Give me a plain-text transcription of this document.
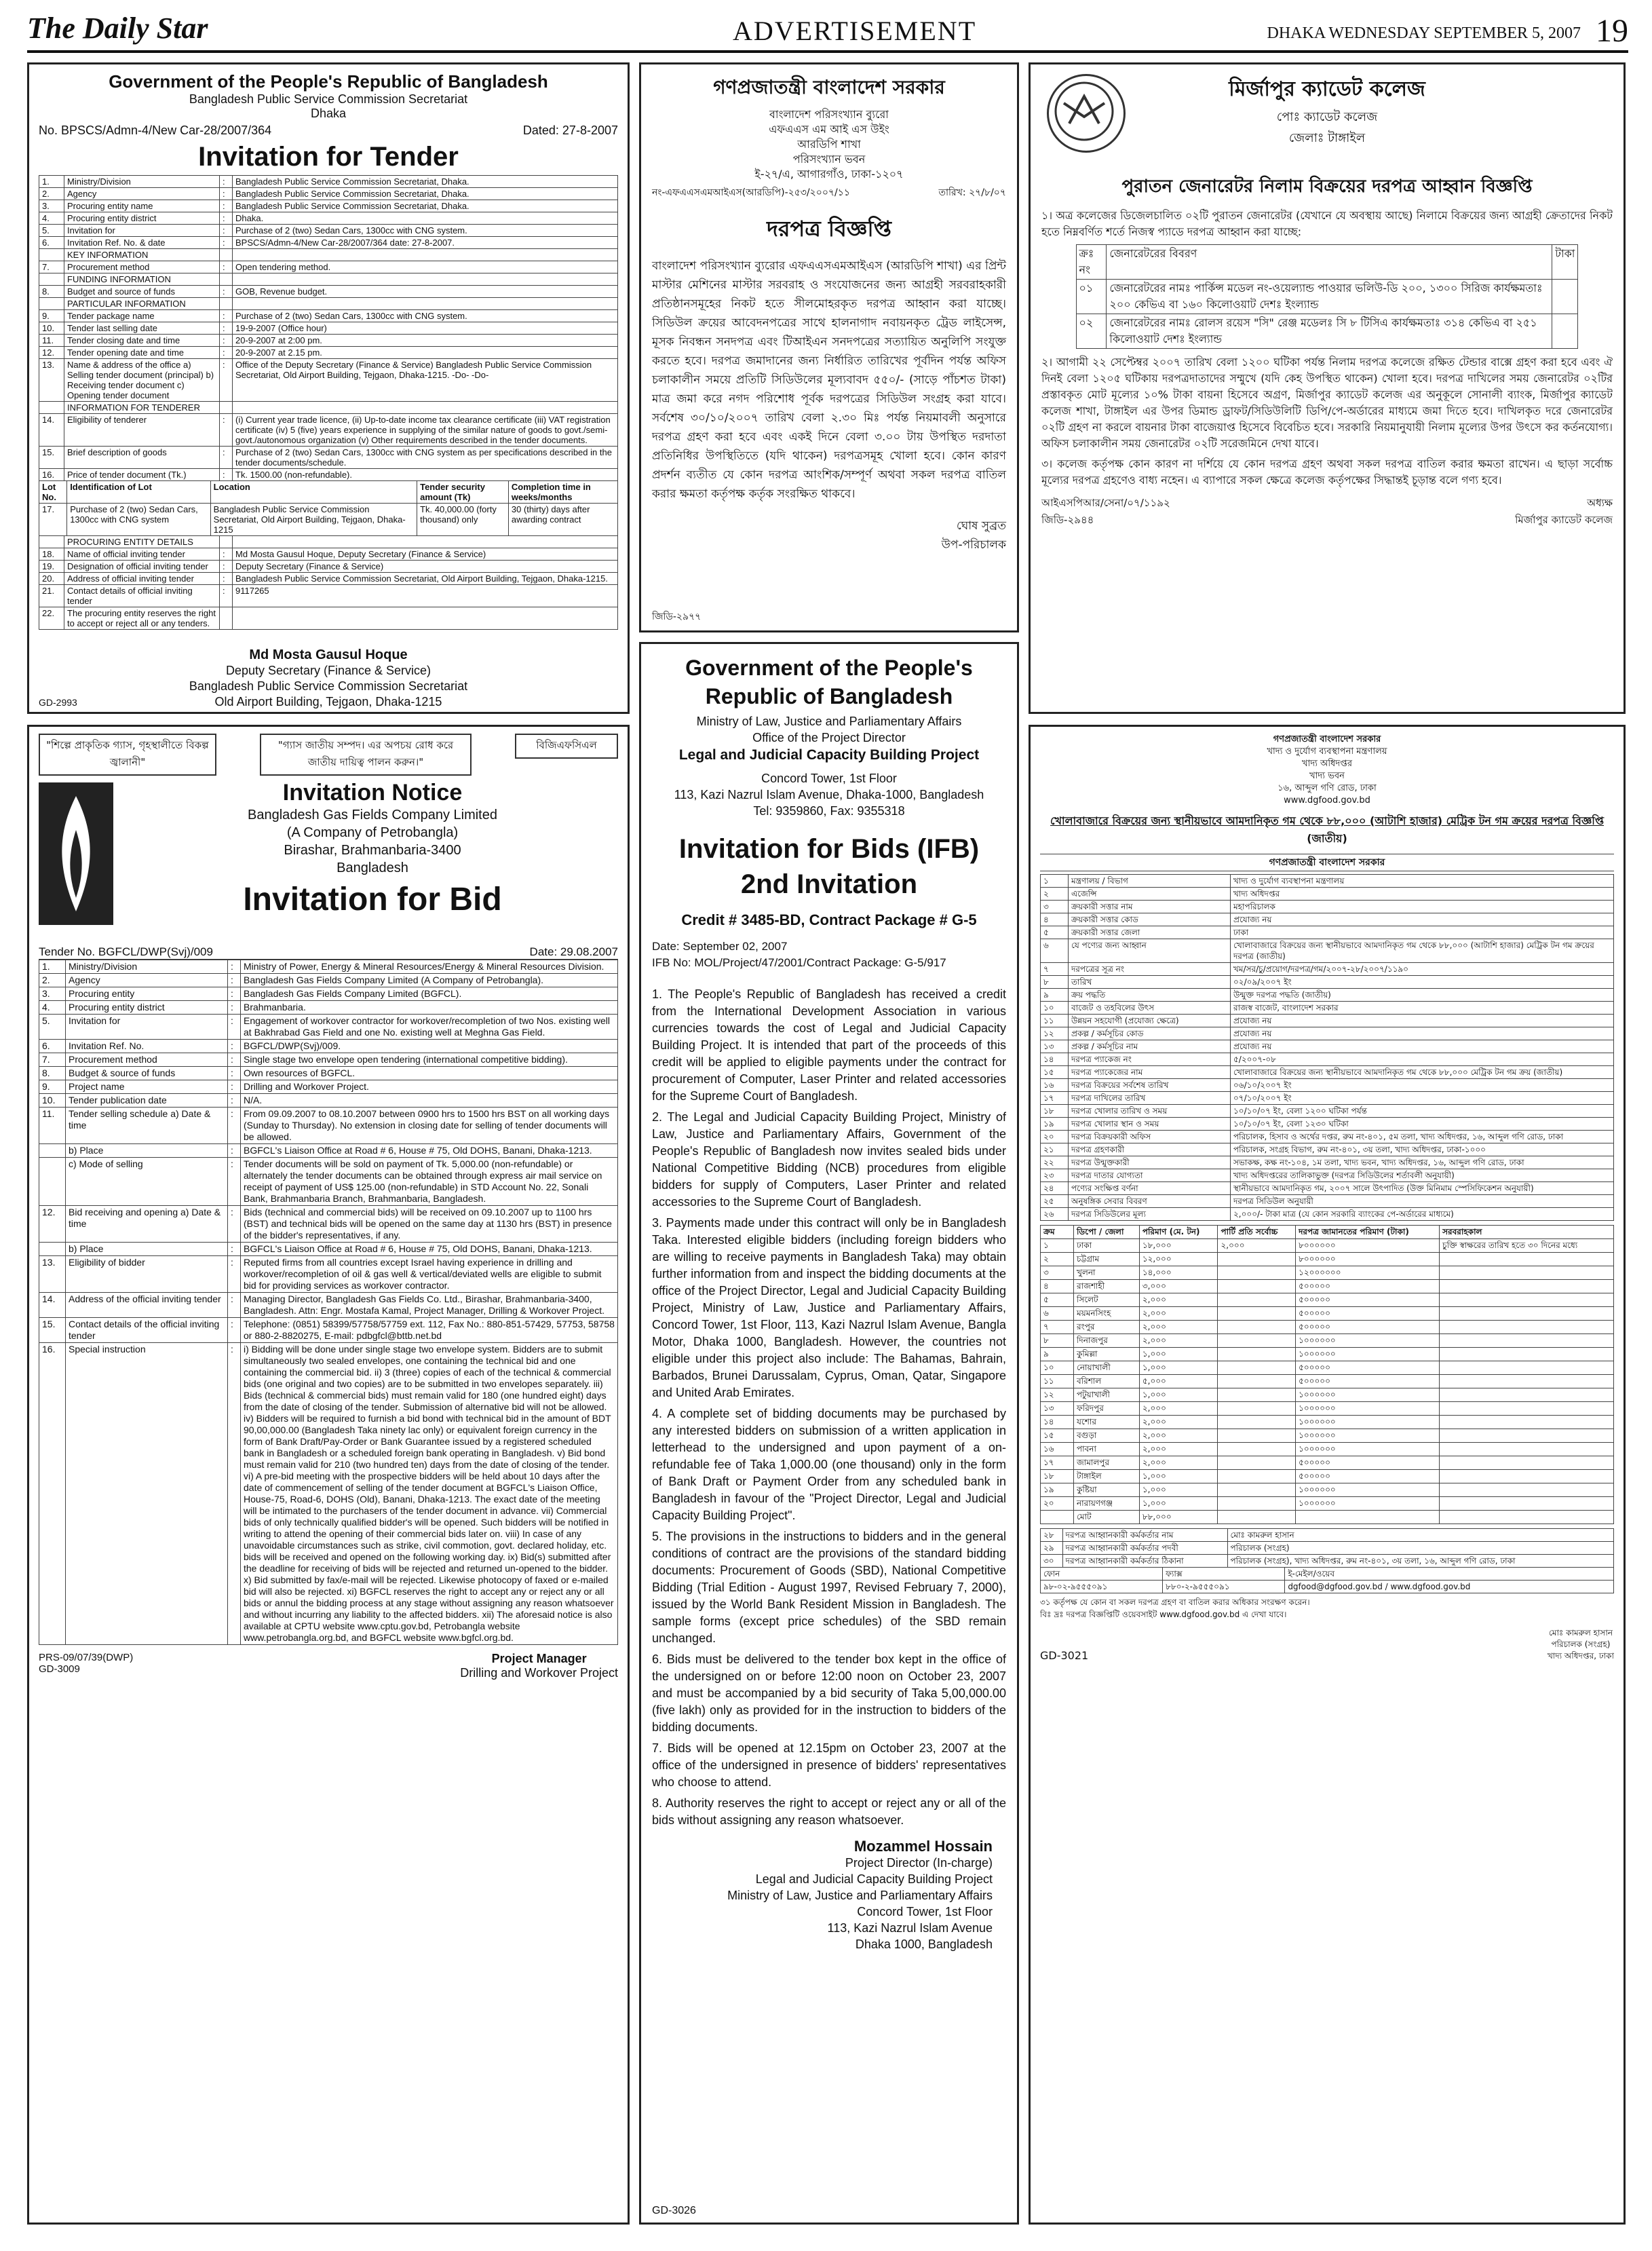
The Daily Star	ADVERTISEMENT	DHAKA WEDNESDAY SEPTEMBER 5, 2007 19
Government of the People's Republic of Bangladesh
Bangladesh Public Service Commission Secretariat
Dhaka
No. BPSCS/Admn-4/New Car-28/2007/364	Dated: 27-8-2007
Invitation for Tender
1.	Ministry/Division	:	Bangladesh Public Service Commission Secretariat, Dhaka.
2.	Agency	:	Bangladesh Public Service Commission Secretariat, Dhaka.
3.	Procuring entity name	:	Bangladesh Public Service Commission Secretariat, Dhaka.
4.	Procuring entity district	:	Dhaka.
5.	Invitation for	:	Purchase of 2 (two) Sedan Cars, 1300cc with CNG system.
6.	Invitation Ref. No. & date	:	BPSCS/Admn-4/New Car-28/2007/364 date: 27-8-2007.
	KEY INFORMATION		
7.	Procurement method	:	Open tendering method.
	FUNDING INFORMATION		
8.	Budget and source of funds	:	GOB, Revenue budget.
	PARTICULAR INFORMATION		
9.	Tender package name	:	Purchase of 2 (two) Sedan Cars, 1300cc with CNG system.
10.	Tender last selling date	:	19-9-2007 (Office hour)
11.	Tender closing date and time	:	20-9-2007 at 2:00 pm.
12.	Tender opening date and time	:	20-9-2007 at 2.15 pm.
13.	Name & address of the office a) Selling tender document (principal) b) Receiving tender document c) Opening tender document	:	Office of the Deputy Secretary (Finance & Service) Bangladesh Public Service Commission Secretariat, Old Airport Building, Tejgaon, Dhaka-1215. -Do- -Do-
	INFORMATION FOR TENDERER		
14.	Eligibility of tenderer	:	(i) Current year trade licence, (ii) Up-to-date income tax clearance certificate (iii) VAT registration certificate (iv) 5 (five) years experience in supplying of the similar nature of goods to govt./semi-govt./autonomous organization (v) Other requirements described in the tender documents.
15.	Brief description of goods	:	Purchase of 2 (two) Sedan Cars, 1300cc with CNG system as per specifications described in the tender documents/schedule.
16.	Price of tender document (Tk.)	:	Tk. 1500.00 (non-refundable).
Lot No.	Identification of Lot	Location	Tender security amount (Tk)	Completion time in weeks/months
17.	Purchase of 2 (two) Sedan Cars, 1300cc with CNG system	Bangladesh Public Service Commission Secretariat, Old Airport Building, Tejgaon, Dhaka-1215	Tk. 40,000.00 (forty thousand) only	30 (thirty) days after awarding contract
	PROCURING ENTITY DETAILS		
18.	Name of official inviting tender	:	Md Mosta Gausul Hoque, Deputy Secretary (Finance & Service)
19.	Designation of official inviting tender	:	Deputy Secretary (Finance & Service)
20.	Address of official inviting tender	:	Bangladesh Public Service Commission Secretariat, Old Airport Building, Tejgaon, Dhaka-1215.
21.	Contact details of official inviting tender	:	9117265
22.	The procuring entity reserves the right to accept or reject all or any tenders.		
Md Mosta Gausul Hoque
Deputy Secretary (Finance & Service)
Bangladesh Public Service Commission Secretariat
Old Airport Building, Tejgaon, Dhaka-1215
GD-2993
গণপ্রজাতন্ত্রী বাংলাদেশ সরকার
বাংলাদেশ পরিসংখ্যান ব্যুরো
এফএএস এম আই এস উইং
আরডিপি শাখা
পরিসংখ্যান ভবন
ই-২৭/এ, আগারগাঁও, ঢাকা-১২০৭
নং-এফএএসএমআইএস(আরডিপি)-২৫৩/২০০৭/১১	তারিখ: ২৭/৮/০৭
দরপত্র বিজ্ঞপ্তি

বাংলাদেশ পরিসংখ্যান ব্যুরোর এফএএসএমআইএস (আরডিপি শাখা) এর প্রিন্ট মাস্টার মেশিনের মাস্টার সরবরাহ ও সংযোজনের জন্য আগ্রহী সরবরাহকারী প্রতিষ্ঠানসমূহের নিকট হতে সীলমোহরকৃত দরপত্র আহ্বান করা যাচ্ছে। সিডিউল ক্রয়ের আবেদনপত্রের সাথে হালনাগাদ নবায়নকৃত ট্রেড লাইসেন্স, মূসক নিবন্ধন সনদপত্র এবং টিআইএন সনদপত্রের সত্যায়িত অনুলিপি সংযুক্ত করতে হবে। দরপত্র জমাদানের জন্য নির্ধারিত তারিখের পূর্বদিন পর্যন্ত অফিস চলাকালীন সময়ে প্রতিটি সিডিউলের মূল্যবাবদ ৫৫০/- (সাড়ে পাঁচশত টাকা) মাত্র জমা করে নগদ পরিশোধ পূর্বক দরপত্রের সিডিউল সংগ্রহ করা যাবে। সর্বশেষ ৩০/১০/২০০৭ তারিখ বেলা ২.৩০ মিঃ পর্যন্ত নিয়মাবলী অনুসারে দরপত্র গ্রহণ করা হবে এবং একই দিনে বেলা ৩.০০ টায় উপস্থিত দরদাতা প্রতিনিধির উপস্থিতিতে (যদি থাকেন) দরপত্রসমূহ খোলা হবে। কোন কারণ প্রদর্শন ব্যতীত যে কোন দরপত্র আংশিক/সম্পূর্ণ অথবা সকল দরপত্র বাতিল করার ক্ষমতা কর্তৃপক্ষ কর্তৃক সংরক্ষিত থাকবে।

ঘোষ সুব্রত
উপ-পরিচালক
জিডি-২৯৭৭
মির্জাপুর ক্যাডেট কলেজ
পোঃ ক্যাডেট কলেজ
জেলাঃ টাঙ্গাইল
পুরাতন জেনারেটর নিলাম বিক্রয়ের দরপত্র আহ্বান বিজ্ঞপ্তি

১। অত্র কলেজের ডিজেলচালিত ০২টি পুরাতন জেনারেটর (যেখানে যে অবস্থায় আছে) নিলামে বিক্রয়ের জন্য আগ্রহী ক্রেতাদের নিকট হতে নিম্নবর্ণিত শর্তে নিজস্ব প্যাডে দরপত্র আহ্বান করা যাচ্ছে:

ক্রঃ নং	জেনারেটরের বিবরণ	টাকা
০১	জেনারেটরের নামঃ পার্কিন্স মডেল নং-ওয়েল্যান্ড পাওয়ার ভলিউ-ডি ২০০, ১৩০০ সিরিজ কার্যক্ষমতাঃ ২০০ কেভিএ বা ১৬০ কিলোওয়াট দেশঃ ইংল্যান্ড	
০২	জেনারেটরের নামঃ রোলস রয়েস "সি" রেঞ্জ মডেলঃ সি ৮ টিসিএ কার্যক্ষমতাঃ ৩১৪ কেভিএ বা ২৫১ কিলোওয়াট দেশঃ ইংল্যান্ড	

২। আগামী ২২ সেপ্টেম্বর ২০০৭ তারিখ বেলা ১২০০ ঘটিকা পর্যন্ত নিলাম দরপত্র কলেজে রক্ষিত টেন্ডার বাক্সে গ্রহণ করা হবে এবং ঐ দিনই বেলা ১২০৫ ঘটিকায় দরপত্রদাতাদের সম্মুখে (যদি কেহ উপস্থিত থাকেন) খোলা হবে। দরপত্র দাখিলের সময় জেনারেটর ০২টির প্রস্তাবকৃত মোট মূল্যের ১০% টাকা বায়না হিসেবে অগ্রণ, মির্জাপুর ক্যাডেট কলেজ এর অনুকূলে সোনালী ব্যাংক, মির্জাপুর ক্যাডেট কলেজ শাখা, টাঙ্গাইল এর উপর ডিমান্ড ড্রাফট/সিডিউলিটি ডিপি/পে-অর্ডারের মাধ্যমে জমা দিতে হবে। দাখিলকৃত দরে জেনারেটর ০২টি গ্রহণ না করলে বায়নার টাকা বাজেয়াপ্ত হিসেবে বিবেচিত হবে। সরকারি নিয়মানুযায়ী নিলাম মূল্যের উপর উৎসে কর কর্তনযোগ্য। অফিস চলাকালীন সময় জেনারেটর ০২টি সরেজমিনে দেখা যাবে।

৩। কলেজ কর্তৃপক্ষ কোন কারণ না দর্শিয়ে যে কোন দরপত্র গ্রহণ অথবা সকল দরপত্র বাতিল করার ক্ষমতা রাখেন। এ ছাড়া সর্বোচ্চ মূল্যের দরপত্র গ্রহণেও বাধ্য নহেন। এ ব্যাপারে সকল ক্ষেত্রে কলেজ কর্তৃপক্ষের সিদ্ধান্তই চূড়ান্ত বলে গণ্য হবে।

আইএসপিআর/সেনা/০৭/১১৯২	অধ্যক্ষ
জিডি-২৯৪৪	মির্জাপুর ক্যাডেট কলেজ
"শিল্পে প্রাকৃতিক গ্যাস, গৃহস্থালীতে বিকল্প জ্বালানী"
"গ্যাস জাতীয় সম্পদ। এর অপচয় রোধ করে জাতীয় দায়িত্ব পালন করুন।"
বিজিএফসিএল
Invitation Notice
Bangladesh Gas Fields Company Limited
(A Company of Petrobangla)
Birashar, Brahmanbaria-3400
Bangladesh
Invitation for Bid
Tender No. BGFCL/DWP(Svj)/009	Date: 29.08.2007
1.	Ministry/Division	:	Ministry of Power, Energy & Mineral Resources/Energy & Mineral Resources Division.
2.	Agency	:	Bangladesh Gas Fields Company Limited (A Company of Petrobangla).
3.	Procuring entity	:	Bangladesh Gas Fields Company Limited (BGFCL).
4.	Procuring entity district	:	Brahmanbaria.
5.	Invitation for	:	Engagement of workover contractor for workover/recompletion of two Nos. existing well at Bakhrabad Gas Field and one No. existing well at Meghna Gas Field.
6.	Invitation Ref. No.	:	BGFCL/DWP(Svj)/009.
7.	Procurement method	:	Single stage two envelope open tendering (international competitive bidding).
8.	Budget & source of funds	:	Own resources of BGFCL.
9.	Project name	:	Drilling and Workover Project.
10.	Tender publication date	:	N/A.
11.	Tender selling schedule a) Date & time	:	From 09.09.2007 to 08.10.2007 between 0900 hrs to 1500 hrs BST on all working days (Sunday to Thursday). No extension in closing date for selling of tender documents will be allowed.
	b) Place	:	BGFCL's Liaison Office at Road # 6, House # 75, Old DOHS, Banani, Dhaka-1213.
	c) Mode of selling	:	Tender documents will be sold on payment of Tk. 5,000.00 (non-refundable) or alternately the tender documents can be obtained through express air mail service on receipt of payment of US$ 125.00 (non-refundable) in STD Account No. 22, Sonali Bank, Brahmanbaria Branch, Brahmanbaria, Bangladesh.
12.	Bid receiving and opening a) Date & time	:	Bids (technical and commercial bids) will be received on 09.10.2007 up to 1100 hrs (BST) and technical bids will be opened on the same day at 1130 hrs (BST) in presence of the bidder's representatives, if any.
	b) Place	:	BGFCL's Liaison Office at Road # 6, House # 75, Old DOHS, Banani, Dhaka-1213.
13.	Eligibility of bidder	:	Reputed firms from all countries except Israel having experience in drilling and workover/recompletion of oil & gas well & vertical/deviated wells are eligible to submit bid for providing services as workover contractor.
14.	Address of the official inviting tender	:	Managing Director, Bangladesh Gas Fields Co. Ltd., Birashar, Brahmanbaria-3400, Bangladesh. Attn: Engr. Mostafa Kamal, Project Manager, Drilling & Workover Project.
15.	Contact details of the official inviting tender	:	Telephone: (0851) 58399/57758/57759 ext. 112, Fax No.: 880-851-57429, 57753, 58758 or 880-2-8820275, E-mail: pdbgfcl@bttb.net.bd
16.	Special instruction	:	i) Bidding will be done under single stage two envelope system. Bidders are to submit simultaneously two sealed envelopes, one containing the technical bid and one containing the commercial bid. ii) 3 (three) copies of each of the technical & commercial bids (one original and two copies) are to be submitted in two envelopes separately. iii) Bids (technical & commercial bids) must remain valid for 180 (one hundred eight) days from the date of closing of the tender. Submission of alternative bid will not be allowed. iv) Bidders will be required to furnish a bid bond with technical bid in the amount of BDT 90,00,000.00 (Bangladesh Taka ninety lac only) or equivalent foreign currency in the form of Bank Draft/Pay-Order or Bank Guarantee issued by a registered scheduled bank in Bangladesh or a scheduled foreign bank operating in Bangladesh. v) Bid bond must remain valid for 210 (two hundred ten) days from the date of closing of the tender. vi) A pre-bid meeting with the prospective bidders will be held about 10 days after the date of commencement of selling of the tender document at BGFCL's Liaison Office, House-75, Road-6, DOHS (Old), Banani, Dhaka-1213. The exact date of the meeting will be intimated to the purchasers of the tender document in advance. vii) Commercial bids of only technically qualified bidder's will be opened. Such bidders will be notified in writing to attend the opening of their commercial bids later on. viii) In case of any unavoidable circumstances such as strike, civil commotion, govt. declared holiday, etc. bids will be received and opened on the following working day. ix) Bid(s) submitted after the deadline for receiving of bids will be rejected and returned un-opened to the bidder. x) Bid submitted by fax/e-mail will be rejected. Likewise photocopy of faxed or e-mailed bid will also be rejected. xi) BGFCL reserves the right to accept any or reject any or all bids or annul the bidding process at any stage without assigning any reason whatsoever and without incurring any liability to the affected bidders. xii) The aforesaid notice is also available at CPTU website www.cptu.gov.bd, Petrobangla website www.petrobangla.org.bd, and BGFCL website www.bgfcl.org.bd.
PRS-09/07/39(DWP)
GD-3009
Project Manager
Drilling and Workover Project
Government of the People's
Republic of Bangladesh
Ministry of Law, Justice and Parliamentary Affairs
Office of the Project Director
Legal and Judicial Capacity Building Project
Concord Tower, 1st Floor
113, Kazi Nazrul Islam Avenue, Dhaka-1000, Bangladesh
Tel: 9359860, Fax: 9355318
Invitation for Bids (IFB)
2nd Invitation
Credit # 3485-BD, Contract Package # G-5
Date: September 02, 2007
IFB No: MOL/Project/47/2001/Contract Package: G-5/917

1. The People's Republic of Bangladesh has received a credit from the International Development Association in various currencies towards the cost of Legal and Judicial Capacity Building Project. It is intended that part of the proceeds of this credit will be applied to eligible payments under the contract for procurement of Computer, Laser Printer and related accessories for the Supreme Court of Bangladesh.

2. The Legal and Judicial Capacity Building Project, Ministry of Law, Justice and Parliamentary Affairs, Government of the People's Republic of Bangladesh now invites sealed bids under National Competitive Bidding (NCB) procedures from eligible bidders for supply of Computers, Laser Printer and related accessories to the Supreme Court of Bangladesh.

3. Payments made under this contract will only be in Bangladesh Taka. Interested eligible bidders (including foreign bidders who are willing to receive payments in Bangladesh Taka) may obtain further information from and inspect the bidding documents at the office of the Project Director, Legal and Judicial Capacity Building Project, Ministry of Law, Justice and Parliamentary Affairs, Concord Tower, 1st Floor, 113, Kazi Nazrul Islam Avenue, Bangla Motor, Dhaka 1000, Bangladesh. However, the countries not eligible under this project also include: The Bahamas, Bahrain, Barbados, Brunei Darussalam, Cyprus, Oman, Qatar, Singapore and United Arab Emirates.

4. A complete set of bidding documents may be purchased by any interested bidders on submission of a written application in letterhead to the undersigned and upon payment of a on-refundable fee of Taka 1,000.00 (one thousand) only in the form of Bank Draft or Payment Order from any scheduled bank in Bangladesh in favour of the "Project Director, Legal and Judicial Capacity Building Project".

5. The provisions in the instructions to bidders and in the general conditions of contract are the provisions of the standard bidding documents: Procurement of Goods (SBD), National Competitive Bidding (Trial Edition - August 1997, Revised February 7, 2000), issued by the World Bank Resident Mission in Bangladesh. The sample forms (except price schedules) of the SBD remain unchanged.

6. Bids must be delivered to the tender box kept in the office of the undersigned on or before 12:00 noon on October 23, 2007 and must be accompanied by a bid security of Taka 5,00,000.00 (five lakh) only as provided for in the instruction to bidders of the bidding documents.

7. Bids will be opened at 12.15pm on October 23, 2007 at the office of the undersigned in presence of bidders' representatives who choose to attend.

8. Authority reserves the right to accept or reject any or all of the bids without assigning any reason whatsoever.

Mozammel Hossain
Project Director (In-charge)
Legal and Judicial Capacity Building Project
Ministry of Law, Justice and Parliamentary Affairs
Concord Tower, 1st Floor
113, Kazi Nazrul Islam Avenue
Dhaka 1000, Bangladesh
GD-3026
গণপ্রজাতন্ত্রী বাংলাদেশ সরকার
খাদ্য ও দুর্যোগ ব্যবস্থাপনা মন্ত্রণালয়
খাদ্য অধিদপ্তর
খাদ্য ভবন
১৬, আব্দুল গণি রোড, ঢাকা
www.dgfood.gov.bd
খোলাবাজারে বিক্রয়ের জন্য স্থানীয়ভাবে আমদানিকৃত গম থেকে ৮৮,০০০ (আটাশি হাজার) মেট্রিক টন গম ক্রয়ের দরপত্র বিজ্ঞপ্তি
(জাতীয়)
গণপ্রজাতন্ত্রী বাংলাদেশ সরকার
১	মন্ত্রণালয় / বিভাগ	খাদ্য ও দুর্যোগ ব্যবস্থাপনা মন্ত্রণালয়
২	এজেন্সি	খাদ্য অধিদপ্তর
৩	ক্রয়কারী সত্তার নাম	মহাপরিচালক
৪	ক্রয়কারী সত্তার কোড	প্রযোজ্য নয়
৫	ক্রয়কারী সত্তার জেলা	ঢাকা
৬	যে পণ্যের জন্য আহ্বান	খোলাবাজারে বিক্রয়ের জন্য স্থানীয়ভাবে আমদানিকৃত গম থেকে ৮৮,০০০ (আটাশি হাজার) মেট্রিক টন গম ক্রয়ের দরপত্র (জাতীয়)
৭	দরপত্রের সূত্র নং	খম/সর/চু/প্রয়োগ/দরপত্র/গম/২০০৭-২৮/২০০৭/১১৯০
৮	তারিখ	০২/০৯/২০০৭ ইং
৯	ক্রয় পদ্ধতি	উন্মুক্ত দরপত্র পদ্ধতি (জাতীয়)
১০	বাজেট ও তহবিলের উৎস	রাজস্ব বাজেট, বাংলাদেশ সরকার
১১	উন্নয়ন সহযোগী (প্রযোজ্য ক্ষেত্রে)	প্রযোজ্য নয়
১২	প্রকল্প / কর্মসূচির কোড	প্রযোজ্য নয়
১৩	প্রকল্প / কর্মসূচির নাম	প্রযোজ্য নয়
১৪	দরপত্র প্যাকেজ নং	৫/২০০৭-০৮
১৫	দরপত্র প্যাকেজের নাম	খোলাবাজারে বিক্রয়ের জন্য স্থানীয়ভাবে আমদানিকৃত গম থেকে ৮৮,০০০ মেট্রিক টন গম ক্রয় (জাতীয়)
১৬	দরপত্র বিক্রয়ের সর্বশেষ তারিখ	০৬/১০/২০০৭ ইং
১৭	দরপত্র দাখিলের তারিখ	০৭/১০/২০০৭ ইং
১৮	দরপত্র খোলার তারিখ ও সময়	১০/১০/০৭ ইং, বেলা ১২০০ ঘটিকা পর্যন্ত
১৯	দরপত্র খোলার স্থান ও সময়	১০/১০/০৭ ইং, বেলা ১২৩০ ঘটিকা
২০	দরপত্র বিক্রয়কারী অফিস	পরিচালক, হিসাব ও অর্থের দপ্তর, রুম নং-৪০১, ৫ম তলা, খাদ্য অধিদপ্তর, ১৬, আব্দুল গণি রোড, ঢাকা
২১	দরপত্র গ্রহণকারী	পরিচালক, সংগ্রহ বিভাগ, রুম নং-৪০১, ৩য় তলা, খাদ্য অধিদপ্তর, ঢাকা-১০০০
২২	দরপত্র উন্মুক্তকারী	সভাকক্ষ, কক্ষ নং-১০৪, ১ম তলা, খাদ্য ভবন, খাদ্য অধিদপ্তর, ১৬, আব্দুল গণি রোড, ঢাকা
২৩	দরপত্র দাতার যোগ্যতা	খাদ্য অধিদপ্তরের তালিকাভুক্ত (দরপত্র সিডিউলের শর্তাবলী অনুযায়ী)
২৪	পণ্যের সংক্ষিপ্ত বর্ণনা	স্থানীয়ভাবে আমদানিকৃত গম, ২০০৭ সালে উৎপাদিত (উক্ত মিনিমাম স্পেসিফিকেশন অনুযায়ী)
২৫	অনুষঙ্গিক সেবার বিবরণ	দরপত্র সিডিউল অনুযায়ী
২৬	দরপত্র সিডিউলের মূল্য	২,০০০/- টাকা মাত্র (যে কোন সরকারি ব্যাংকের পে-অর্ডারের মাধ্যমে)
ক্রম	ডিপো / জেলা	পরিমাণ (মে. টন)	পার্টি প্রতি সর্বোচ্চ	দরপত্র জামানতের পরিমাণ (টাকা)	সরবরাহকাল
১	ঢাকা	১৮,০০০	২,০০০	৮০০০০০০	চুক্তি স্বাক্ষরের তারিখ হতে ৩০ দিনের মধ্যে
২	চট্টগ্রাম	১২,০০০		৮০০০০০০	
৩	খুলনা	১৪,০০০		১২০০০০০০	
৪	রাজশাহী	৩,০০০		৫০০০০০	
৫	সিলেট	২,০০০		৫০০০০০	
৬	ময়মনসিংহ	২,০০০		৫০০০০০	
৭	রংপুর	২,০০০		৫০০০০০	
৮	দিনাজপুর	২,০০০		১০০০০০০	
৯	কুমিল্লা	১,০০০		১০০০০০০	
১০	নোয়াখালী	১,০০০		৫০০০০০	
১১	বরিশাল	৫,০০০		৫০০০০০	
১২	পটুয়াখালী	১,০০০		১০০০০০০	
১৩	ফরিদপুর	২,০০০		১০০০০০০	
১৪	যশোর	২,০০০		১০০০০০০	
১৫	বগুড়া	২,০০০		১০০০০০০	
১৬	পাবনা	২,০০০		১০০০০০০	
১৭	জামালপুর	২,০০০		৫০০০০০	
১৮	টাঙ্গাইল	১,০০০		৫০০০০০	
১৯	কুষ্টিয়া	১,০০০		১০০০০০০	
২০	নারায়ণগঞ্জ	১,০০০		১০০০০০০	
	মোট	৮৮,০০০			
২৮	দরপত্র আহ্বানকারী কর্মকর্তার নাম	মোঃ কামরুল হাসান
২৯	দরপত্র আহ্বানকারী কর্মকর্তার পদবী	পরিচালক (সংগ্রহ)
৩০	দরপত্র আহ্বানকারী কর্মকর্তার ঠিকানা	পরিচালক (সংগ্রহ), খাদ্য অধিদপ্তর, রুম নং-৪০১, ৩য় তলা, ১৬, আব্দুল গণি রোড, ঢাকা
ফোন	ফ্যাক্স	ই-মেইল/ওয়েব
৯৮-০২-৯৫৫৫০৯১	৮৮০-২-৯৫৫৫০৯১	dgfood@dgfood.gov.bd / www.dgfood.gov.bd
৩১ কর্তৃপক্ষ যে কোন বা সকল দরপত্র গ্রহণ বা বাতিল করার অধিকার সংরক্ষণ করেন।
বিঃ দ্রঃ দরপত্র বিজ্ঞপ্তিটি ওয়েবসাইট www.dgfood.gov.bd এ দেখা যাবে।
GD-3021
মোঃ কামরুল হাসান
পরিচালক (সংগ্রহ)
খাদ্য অধিদপ্তর, ঢাকা
